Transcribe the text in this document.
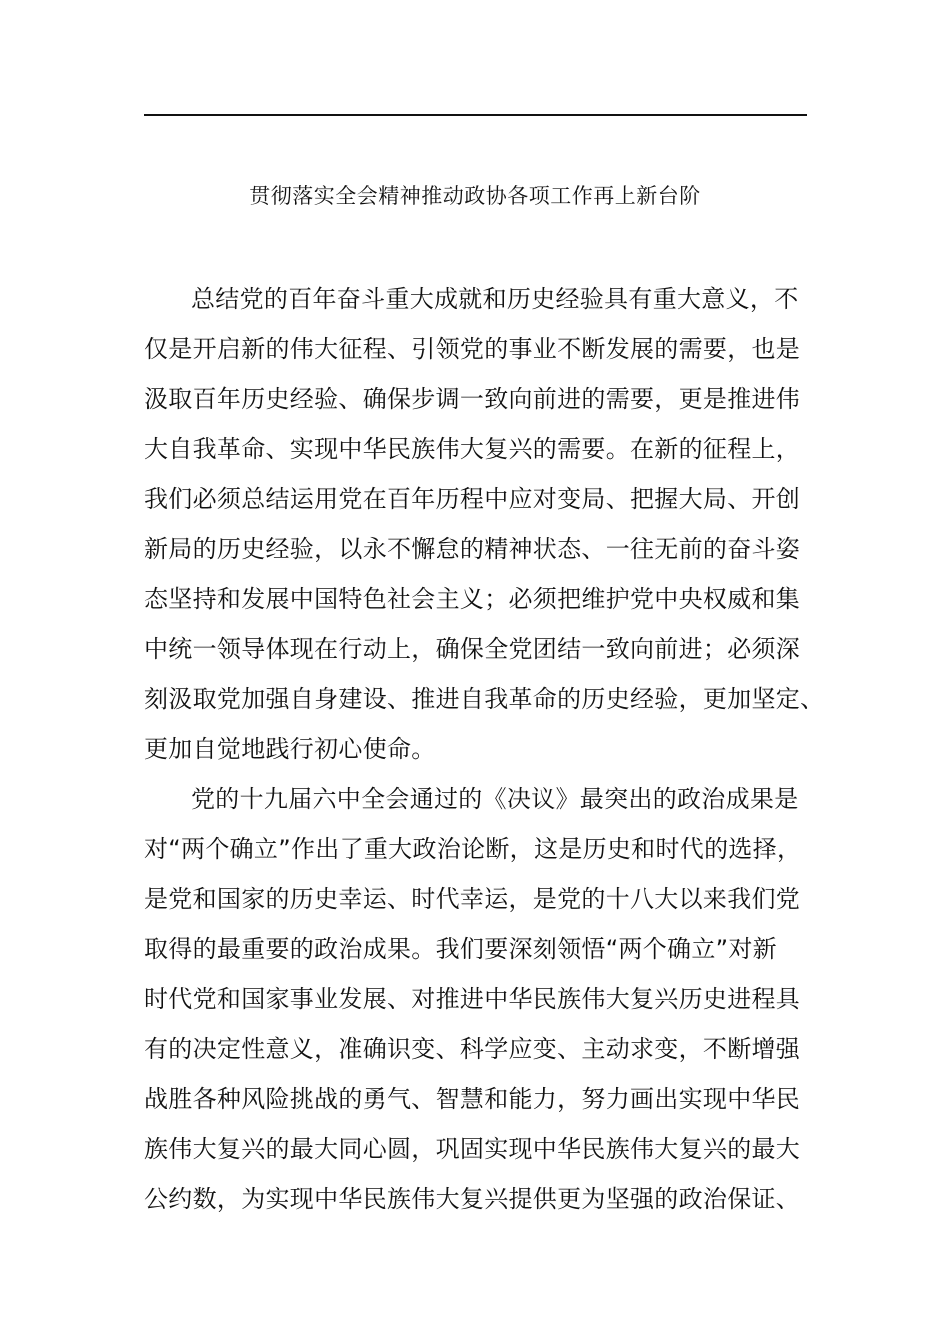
贯彻落实全会精神推动政协各项工作再上新台阶
总结党的百年奋斗重大成就和历史经验具有重大意义，不
仅是开启新的伟大征程、引领党的事业不断发展的需要，也是
汲取百年历史经验、确保步调一致向前进的需要，更是推进伟
大自我革命、实现中华民族伟大复兴的需要。在新的征程上，
我们必须总结运用党在百年历程中应对变局、把握大局、开创
新局的历史经验，以永不懈怠的精神状态、一往无前的奋斗姿
态坚持和发展中国特色社会主义；必须把维护党中央权威和集
中统一领导体现在行动上，确保全党团结一致向前进；必须深
刻汲取党加强自身建设、推进自我革命的历史经验，更加坚定、
更加自觉地践行初心使命。
党的十九届六中全会通过的《决议》最突出的政治成果是
对“两个确立”作出了重大政治论断，这是历史和时代的选择，
是党和国家的历史幸运、时代幸运，是党的十八大以来我们党
取得的最重要的政治成果。我们要深刻领悟“两个确立”对新
时代党和国家事业发展、对推进中华民族伟大复兴历史进程具
有的决定性意义，准确识变、科学应变、主动求变，不断增强
战胜各种风险挑战的勇气、智慧和能力，努力画出实现中华民
族伟大复兴的最大同心圆，巩固实现中华民族伟大复兴的最大
公约数，为实现中华民族伟大复兴提供更为坚强的政治保证、
